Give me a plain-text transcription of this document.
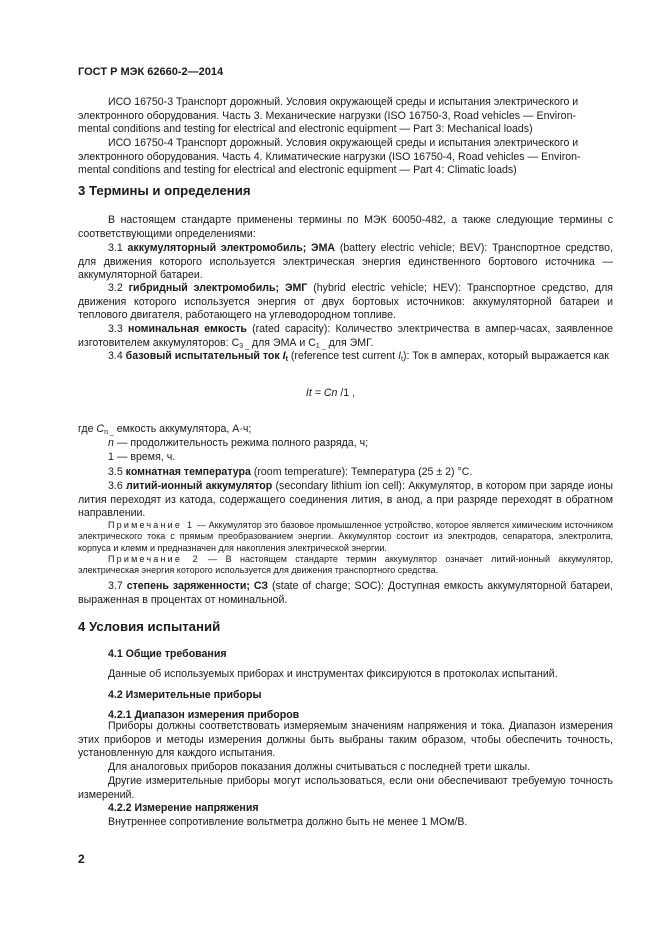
ГОСТ Р МЭК 62660-2—2014
ИСО 16750-3 Транспорт дорожный. Условия окружающей среды и испытания электрического и
электронного оборудования. Часть 3. Механические нагрузки (ISO 16750-3, Road vehicles — Environ-
mental conditions and testing for electrical and electronic equipment — Part 3: Mechanical loads)
ИСО 16750-4 Транспорт дорожный. Условия окружающей среды и испытания электрического и
электронного оборудования. Часть 4. Климатические нагрузки (ISO 16750-4, Road vehicles — Environ-
mental conditions and testing for electrical and electronic equipment — Part 4: Climatic loads)
3 Термины и определения
В настоящем стандарте применены термины по МЭК 60050-482, а также следующие термины с соответствующими определениями:
3.1 аккумуляторный электромобиль; ЭМА (battery electric vehicle; BEV): Транспортное средство, для движения которого используется электрическая энергия единственного бортового источника — аккумуляторной батареи.
3.2 гибридный электромобиль; ЭМГ (hybrid electric vehicle; HEV): Транспортное средство, для движения которого используется энергия от двух бортовых источников: аккумуляторной батареи и теплового двигателя, работающего на углеводородном топливе.
3.3 номинальная емкость (rated capacity): Количество электричества в ампер-часах, заявленное изготовителем аккумуляторов: $C_{3 \_}$ для ЭМА и $C_{1 \_}$ для ЭМГ.
3.4 базовый испытательный ток $I_t$ (reference test current $I_t$): Ток в амперах, который выражается как
It = Cn /1 ,
где $C_{n \_}$ емкость аккумулятора, А·ч;
n — продолжительность режима полного разряда, ч;
1 — время, ч.
3.5 комнатная температура (room temperature): Температура (25 ± 2) °С.
3.6 литий-ионный аккумулятор (secondary lithium ion cell): Аккумулятор, в котором при заряде ионы лития переходят из катода, содержащего соединения лития, в анод, а при разряде переходят в обратном направлении.
Примечание 1 — Аккумулятор это базовое промышленное устройство, которое является химическим источником электрического тока с прямым преобразованием энергии. Аккумулятор состоит из электродов, сепаратора, электролита, корпуса и клемм и предназначен для накопления электрической энергии.
Примечание 2 — В настоящем стандарте термин аккумулятор означает литий-ионный аккумулятор, электрическая энергия которого используется для движения транспортного средства.
3.7 степень заряженности; СЗ (state of charge; SOC): Доступная емкость аккумуляторной батареи, выраженная в процентах от номинальной.
4 Условия испытаний
4.1 Общие требования
Данные об используемых приборах и инструментах фиксируются в протоколах испытаний.
4.2 Измерительные приборы
4.2.1 Диапазон измерения приборов
Приборы должны соответствовать измеряемым значениям напряжения и тока. Диапазон измерения этих приборов и методы измерения должны быть выбраны таким образом, чтобы обеспечить точность, установленную для каждого испытания.
Для аналоговых приборов показания должны считываться с последней трети шкалы.
Другие измерительные приборы могут использоваться, если они обеспечивают требуемую точность измерений.
4.2.2 Измерение напряжения
Внутреннее сопротивление вольтметра должно быть не менее 1 МОм/В.
2
